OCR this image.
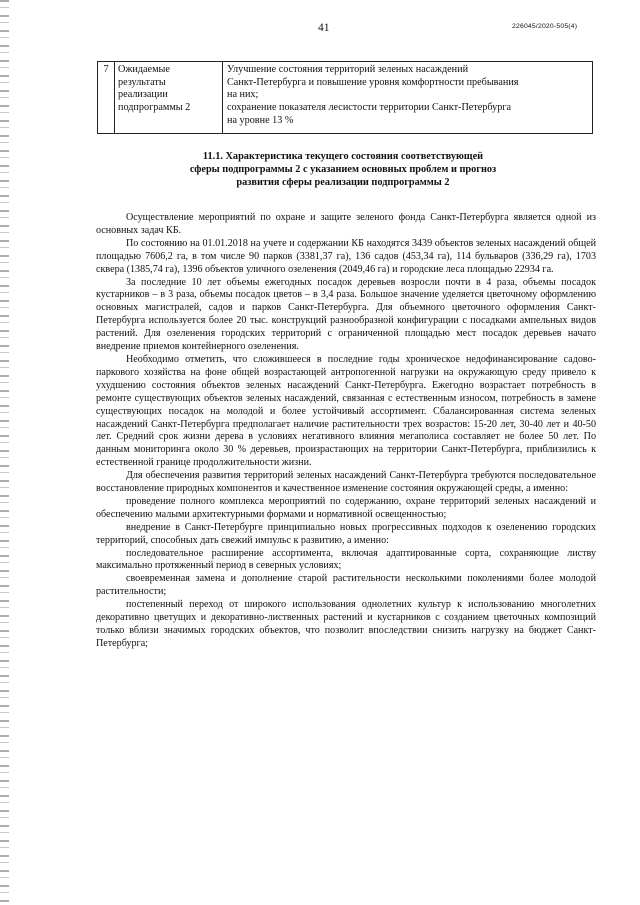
41	226045/2020-505(4)
7 Ожидаемые
результаты
реализации
подпрограммы 2
Улучшение состояния территорий зеленых насаждений
Санкт-Петербурга и повышение уровня комфортности пребывания
на них;
сохранение показателя лесистости территории Санкт-Петербурга
на уровне 13 %
11.1. Характеристика текущего состояния соответствующей
сферы подпрограммы 2 с указанием основных проблем и прогноз
развития сферы реализации подпрограммы 2

Осуществление мероприятий по охране и защите зеленого фонда Санкт-Петербурга является одной из основных задач КБ.

По состоянию на 01.01.2018 на учете и содержании КБ находятся 3439 объектов зеленых насаждений общей площадью 7606,2 га, в том числе 90 парков (3381,37 га), 136 садов (453,34 га), 114 бульваров (336,29 га), 1703 сквера (1385,74 га), 1396 объектов уличного озеленения (2049,46 га) и городские леса площадью 22934 га.

За последние 10 лет объемы ежегодных посадок деревьев возросли почти в 4 раза, объемы посадок кустарников – в 3 раза, объемы посадок цветов – в 3,4 раза. Большое значение уделяется цветочному оформлению основных магистралей, садов и парков Санкт-Петербурга. Для объемного цветочного оформления Санкт-Петербурга используется более 20 тыс. конструкций разнообразной конфигурации с посадками ампельных видов растений. Для озеленения городских территорий с ограниченной площадью мест посадок деревьев начато внедрение приемов контейнерного озеленения.

Необходимо отметить, что сложившееся в последние годы хроническое недофинансирование садово-паркового хозяйства на фоне общей возрастающей антропогенной нагрузки на окружающую среду привело к ухудшению состояния объектов зеленых насаждений Санкт-Петербурга. Ежегодно возрастает потребность в ремонте существующих объектов зеленых насаждений, связанная с естественным износом, потребность в замене существующих посадок на молодой и более устойчивый ассортимент. Сбалансированная система зеленых насаждений Санкт-Петербурга предполагает наличие растительности трех возрастов: 15-20 лет, 30-40 лет и 40-50 лет. Средний срок жизни дерева в условиях негативного влияния мегаполиса составляет не более 50 лет. По данным мониторинга около 30 % деревьев, произрастающих на территории Санкт-Петербурга, приблизились к естественной границе продолжительности жизни.

Для обеспечения развития территорий зеленых насаждений Санкт-Петербурга требуются последовательное восстановление природных компонентов и качественное изменение состояния окружающей среды, а именно:

проведение полного комплекса мероприятий по содержанию, охране территорий зеленых насаждений и обеспечению малыми архитектурными формами и нормативной освещенностью;

внедрение в Санкт-Петербурге принципиально новых прогрессивных подходов к озеленению городских территорий, способных дать свежий импульс к развитию, а именно:

последовательное расширение ассортимента, включая адаптированные сорта, сохраняющие листву максимально протяженный период в северных условиях;

своевременная замена и дополнение старой растительности несколькими поколениями более молодой растительности;

постепенный переход от широкого использования однолетних культур к использованию многолетних декоративно цветущих и декоративно-лиственных растений и кустарников с созданием цветочных композиций только вблизи значимых городских объектов, что позволит впоследствии снизить нагрузку на бюджет Санкт-Петербурга;
